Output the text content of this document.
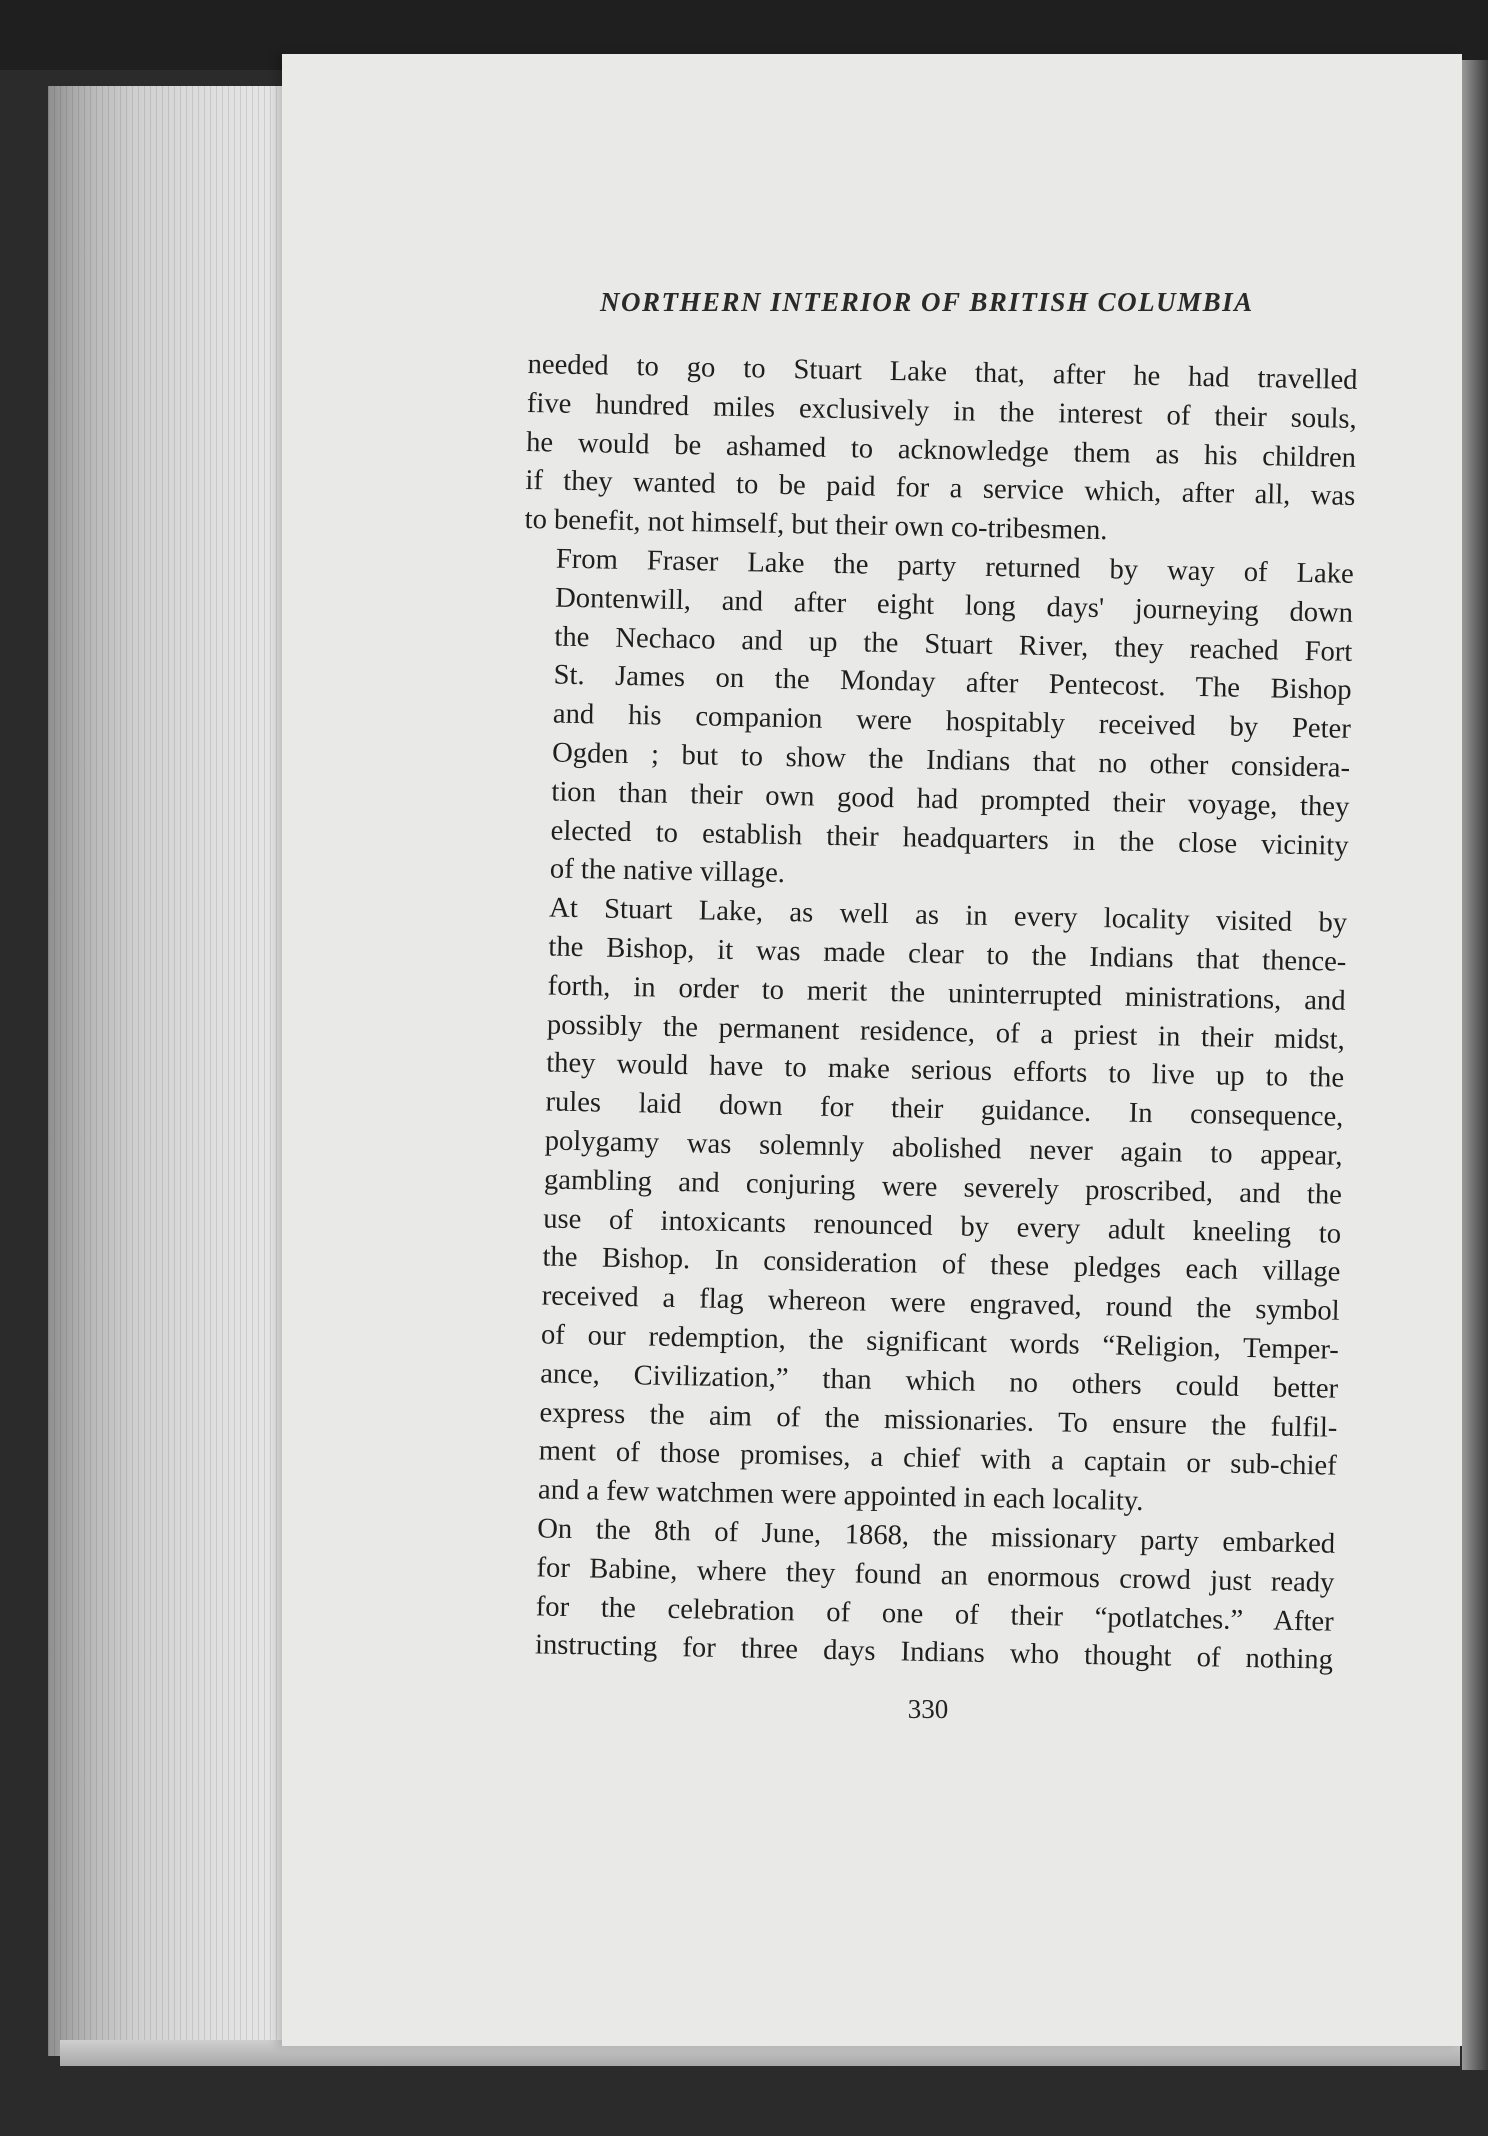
NORTHERN INTERIOR OF BRITISH COLUMBIA

needed to go to Stuart Lake that, after he had travelled
five hundred miles exclusively in the interest of their souls,
he would be ashamed to acknowledge them as his children
if they wanted to be paid for a service which, after all, was
to benefit, not himself, but their own co-tribesmen.

From Fraser Lake the party returned by way of Lake
Dontenwill, and after eight long days' journeying down
the Nechaco and up the Stuart River, they reached Fort
St. James on the Monday after Pentecost. The Bishop
and his companion were hospitably received by Peter
Ogden ; but to show the Indians that no other considera-
tion than their own good had prompted their voyage, they
elected to establish their headquarters in the close vicinity
of the native village.

At Stuart Lake, as well as in every locality visited by
the Bishop, it was made clear to the Indians that thence-
forth, in order to merit the uninterrupted ministrations, and
possibly the permanent residence, of a priest in their midst,
they would have to make serious efforts to live up to the
rules laid down for their guidance. In consequence,
polygamy was solemnly abolished never again to appear,
gambling and conjuring were severely proscribed, and the
use of intoxicants renounced by every adult kneeling to
the Bishop. In consideration of these pledges each village
received a flag whereon were engraved, round the symbol
of our redemption, the significant words “Religion, Temper-
ance, Civilization,” than which no others could better
express the aim of the missionaries. To ensure the fulfil-
ment of those promises, a chief with a captain or sub-chief
and a few watchmen were appointed in each locality.

On the 8th of June, 1868, the missionary party embarked
for Babine, where they found an enormous crowd just ready
for the celebration of one of their “potlatches.” After
instructing for three days Indians who thought of nothing

330
